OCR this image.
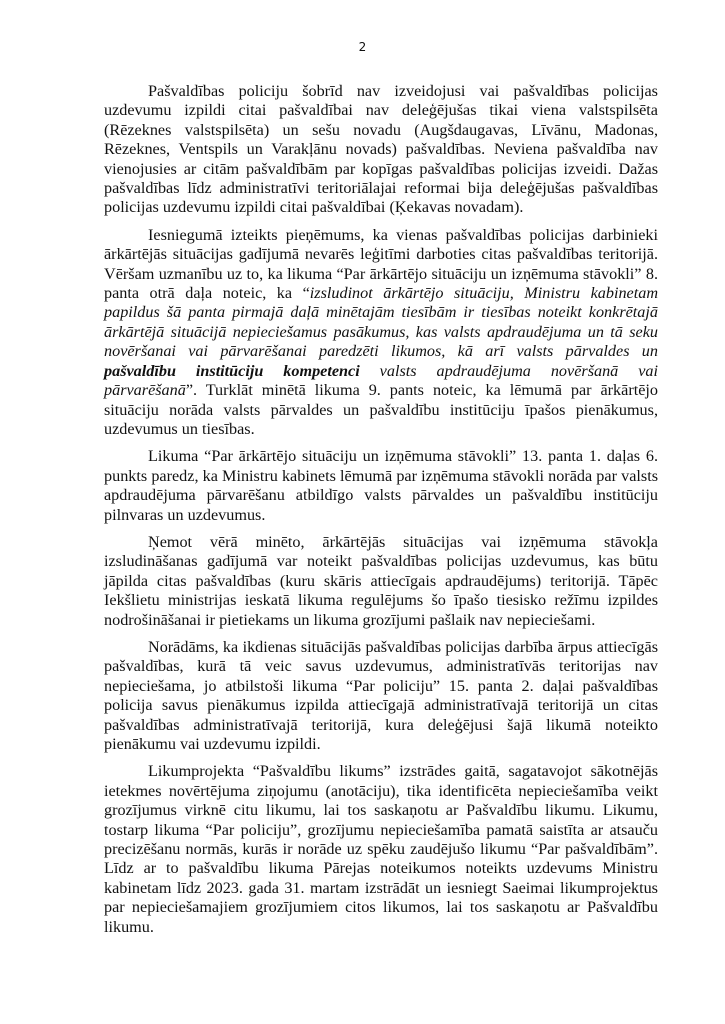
2

Pašvaldības policiju šobrīd nav izveidojusi vai pašvaldības policijas uzdevumu izpildi citai pašvaldībai nav deleģējušas tikai viena valstspilsēta (Rēzeknes valstspilsēta) un sešu novadu (Augšdaugavas, Līvānu, Madonas, Rēzeknes, Ventspils un Varakļānu novads) pašvaldības. Neviena pašvaldība nav vienojusies ar citām pašvaldībām par kopīgas pašvaldības policijas izveidi. Dažas pašvaldības līdz administratīvi teritoriālajai reformai bija deleģējušas pašvaldības policijas uzdevumu izpildi citai pašvaldībai (Ķekavas novadam).

Iesniegumā izteikts pieņēmums, ka vienas pašvaldības policijas darbinieki ārkārtējās situācijas gadījumā nevarēs leģitīmi darboties citas pašvaldības teritorijā. Vēršam uzmanību uz to, ka likuma “Par ārkārtējo situāciju un izņēmuma stāvokli” 8. panta otrā daļa noteic, ka “izsludinot ārkārtējo situāciju, Ministru kabinetam papildus šā panta pirmajā daļā minētajām tiesībām ir tiesības noteikt konkrētajā ārkārtējā situācijā nepieciešamus pasākumus, kas valsts apdraudējuma un tā seku novēršanai vai pārvarēšanai paredzēti likumos, kā arī valsts pārvaldes un pašvaldību institūciju kompetenci valsts apdraudējuma novēršanā vai pārvarēšanā”. Turklāt minētā likuma 9. pants noteic, ka lēmumā par ārkārtējo situāciju norāda valsts pārvaldes un pašvaldību institūciju īpašos pienākumus, uzdevumus un tiesības.

Likuma “Par ārkārtējo situāciju un izņēmuma stāvokli” 13. panta 1. daļas 6. punkts paredz, ka Ministru kabinets lēmumā par izņēmuma stāvokli norāda par valsts apdraudējuma pārvarēšanu atbildīgo valsts pārvaldes un pašvaldību institūciju pilnvaras un uzdevumus.

Ņemot vērā minēto, ārkārtējās situācijas vai izņēmuma stāvokļa izsludināšanas gadījumā var noteikt pašvaldības policijas uzdevumus, kas būtu jāpilda citas pašvaldības (kuru skāris attiecīgais apdraudējums) teritorijā. Tāpēc Iekšlietu ministrijas ieskatā likuma regulējums šo īpašo tiesisko režīmu izpildes nodrošināšanai ir pietiekams un likuma grozījumi pašlaik nav nepieciešami.

Norādāms, ka ikdienas situācijās pašvaldības policijas darbība ārpus attiecīgās pašvaldības, kurā tā veic savus uzdevumus, administratīvās teritorijas nav nepieciešama, jo atbilstoši likuma “Par policiju” 15. panta 2. daļai pašvaldības policija savus pienākumus izpilda attiecīgajā administratīvajā teritorijā un citas pašvaldības administratīvajā teritorijā, kura deleģējusi šajā likumā noteikto pienākumu vai uzdevumu izpildi.

Likumprojekta “Pašvaldību likums” izstrādes gaitā, sagatavojot sākotnējās ietekmes novērtējuma ziņojumu (anotāciju), tika identificēta nepieciešamība veikt grozījumus virknē citu likumu, lai tos saskaņotu ar Pašvaldību likumu. Likumu, tostarp likuma “Par policiju”, grozījumu nepieciešamība pamatā saistīta ar atsauču precizēšanu normās, kurās ir norāde uz spēku zaudējušo likumu “Par pašvaldībām”. Līdz ar to pašvaldību likuma Pārejas noteikumos noteikts uzdevums Ministru kabinetam līdz 2023. gada 31. martam izstrādāt un iesniegt Saeimai likumprojektus par nepieciešamajiem grozījumiem citos likumos, lai tos saskaņotu ar Pašvaldību likumu.
